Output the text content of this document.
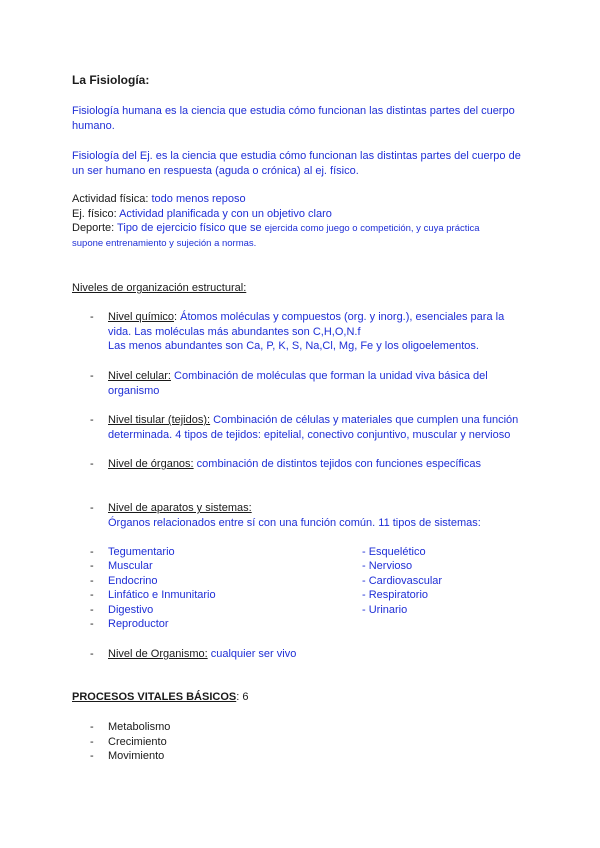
La Fisiología:
Fisiología humana es la ciencia que estudia cómo funcionan las distintas partes del cuerpo
humano.
Fisiología del Ej. es la ciencia que estudia cómo funcionan las distintas partes del cuerpo de
un ser humano en respuesta (aguda o crónica) al ej. físico.
Actividad física: todo menos reposo
Ej. físico: Actividad planificada y con un objetivo claro
Deporte: Tipo de ejercicio físico que se ejercida como juego o competición, y cuya práctica
supone entrenamiento y sujeción a normas.
Niveles de organización estructural:
-	Nivel químico: Átomos moléculas y compuestos (org. y inorg.), esenciales para la
vida. Las moléculas más abundantes son C,H,O,N.f
Las menos abundantes son Ca, P, K, S, Na,Cl, Mg, Fe y los oligoelementos.
-	Nivel celular: Combinación de moléculas que forman la unidad viva básica del
organismo
-	Nivel tisular (tejidos): Combinación de células y materiales que cumplen una función
determinada. 4 tipos de tejidos: epitelial, conectivo conjuntivo, muscular y nervioso
-	Nivel de órganos: combinación de distintos tejidos con funciones específicas
-	Nivel de aparatos y sistemas:
Órganos relacionados entre sí con una función común. 11 tipos de sistemas:
-	Tegumentario
-	Muscular
-	Endocrino
-	Linfático e Inmunitario
-	Digestivo
-	Reproductor
- Esquelético
- Nervioso
- Cardiovascular
- Respiratorio
- Urinario
-	Nivel de Organismo: cualquier ser vivo
PROCESOS VITALES BÁSICOS: 6
-	Metabolismo
-	Crecimiento
-	Movimiento
